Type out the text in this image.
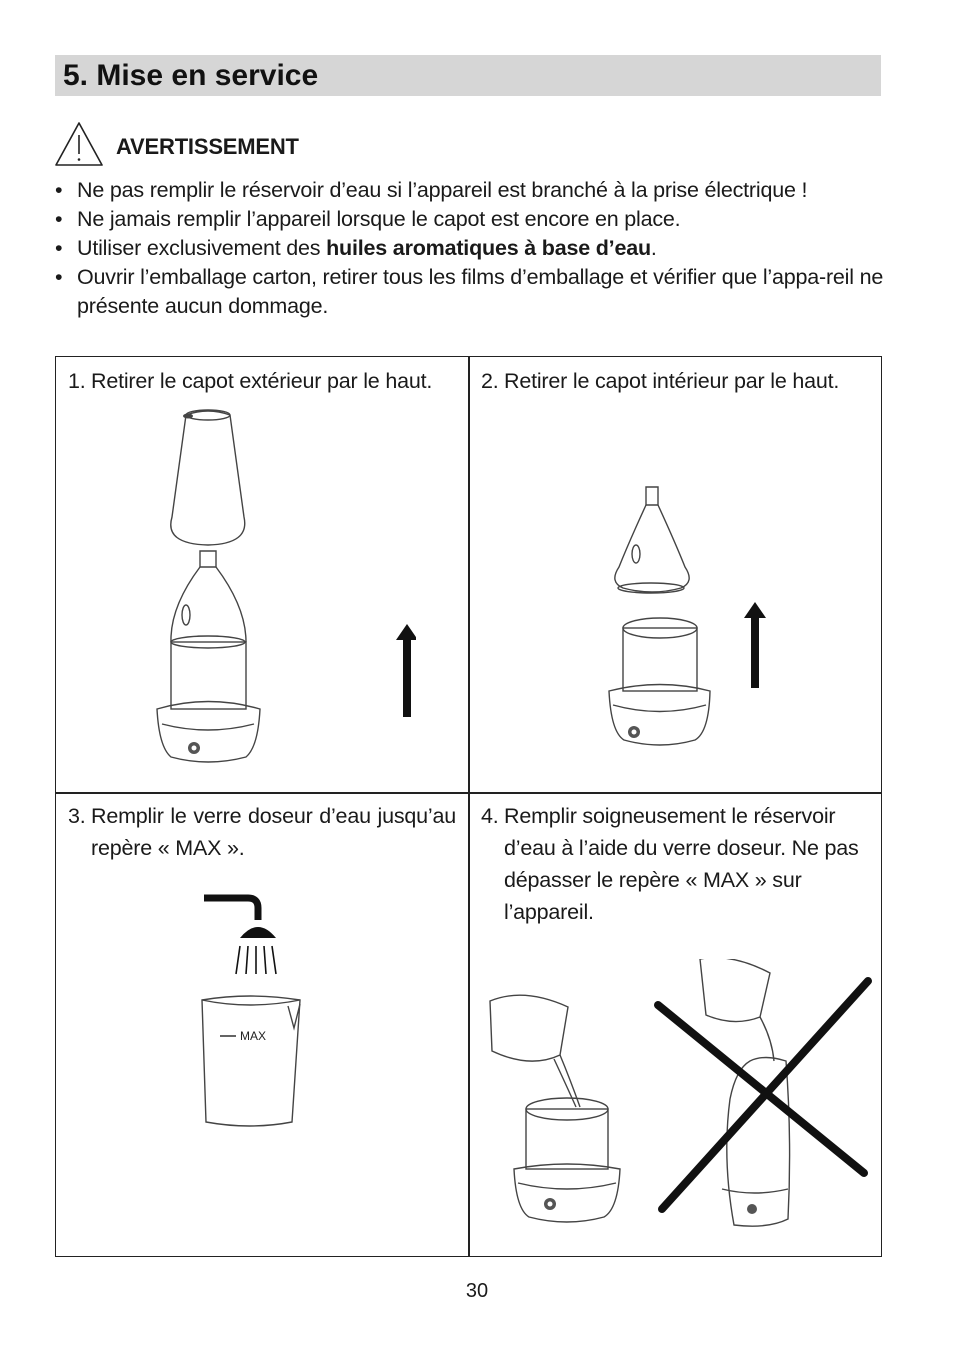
5. Mise en service
AVERTISSEMENT
• Ne pas remplir le réservoir d’eau si l’appareil est branché à la prise électrique !
• Ne jamais remplir l’appareil lorsque le capot est encore en place.
• Utiliser exclusivement des huiles aromatiques à base d’eau.
• Ouvrir l’emballage carton, retirer tous les films d’emballage et vérifier que l’appa-reil ne présente aucun dommage.
1. Retirer le capot extérieur par le haut.	2. Retirer le capot intérieur par le haut.
3. Remplir le verre doseur d’eau jusqu’au repère « MAX ».
MAX
4. Remplir soigneusement le réservoir d’eau à l’aide du verre doseur. Ne pas dépasser le repère « MAX » sur l’appareil.
30
